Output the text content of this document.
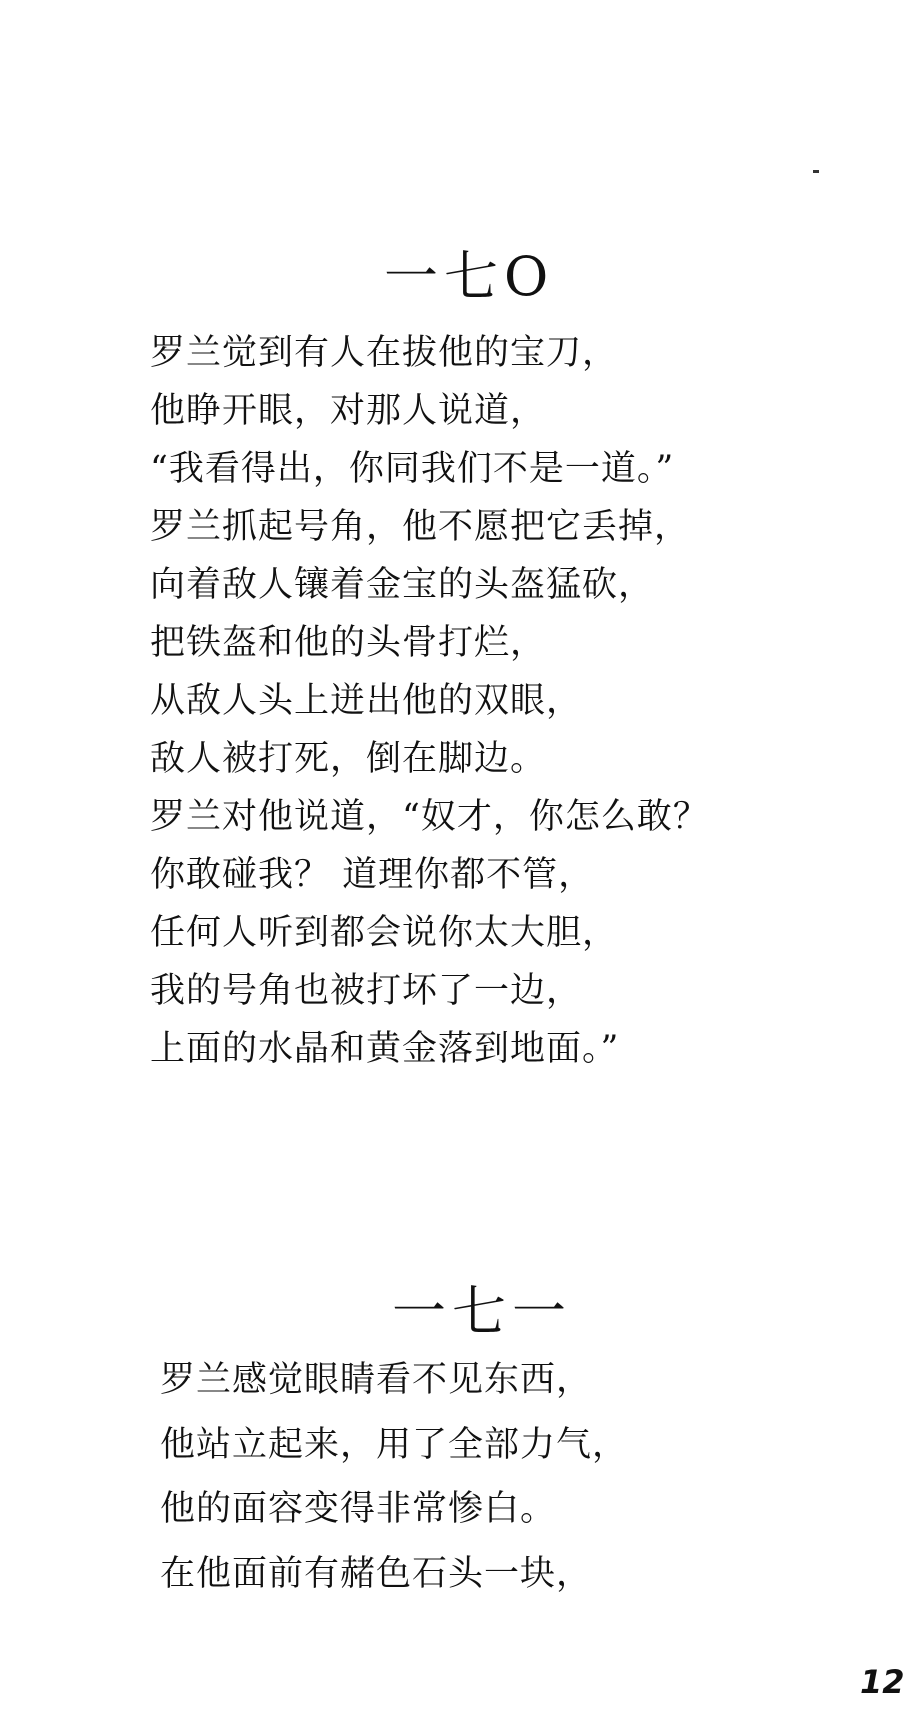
一七O
罗兰觉到有人在拔他的宝刀，
他睁开眼，对那人说道，
“我看得出，你同我们不是一道。”
罗兰抓起号角，他不愿把它丢掉，
向着敌人镶着金宝的头盔猛砍，
把铁盔和他的头骨打烂，
从敌人头上迸出他的双眼，
敌人被打死，倒在脚边。
罗兰对他说道，“奴才，你怎么敢？
你敢碰我？ 道理你都不管，
任何人听到都会说你太大胆，
我的号角也被打坏了一边，
上面的水晶和黄金落到地面。”
一七一
罗兰感觉眼睛看不见东西，
他站立起来，用了全部力气，
他的面容变得非常惨白。
在他面前有赭色石头一块，
12
